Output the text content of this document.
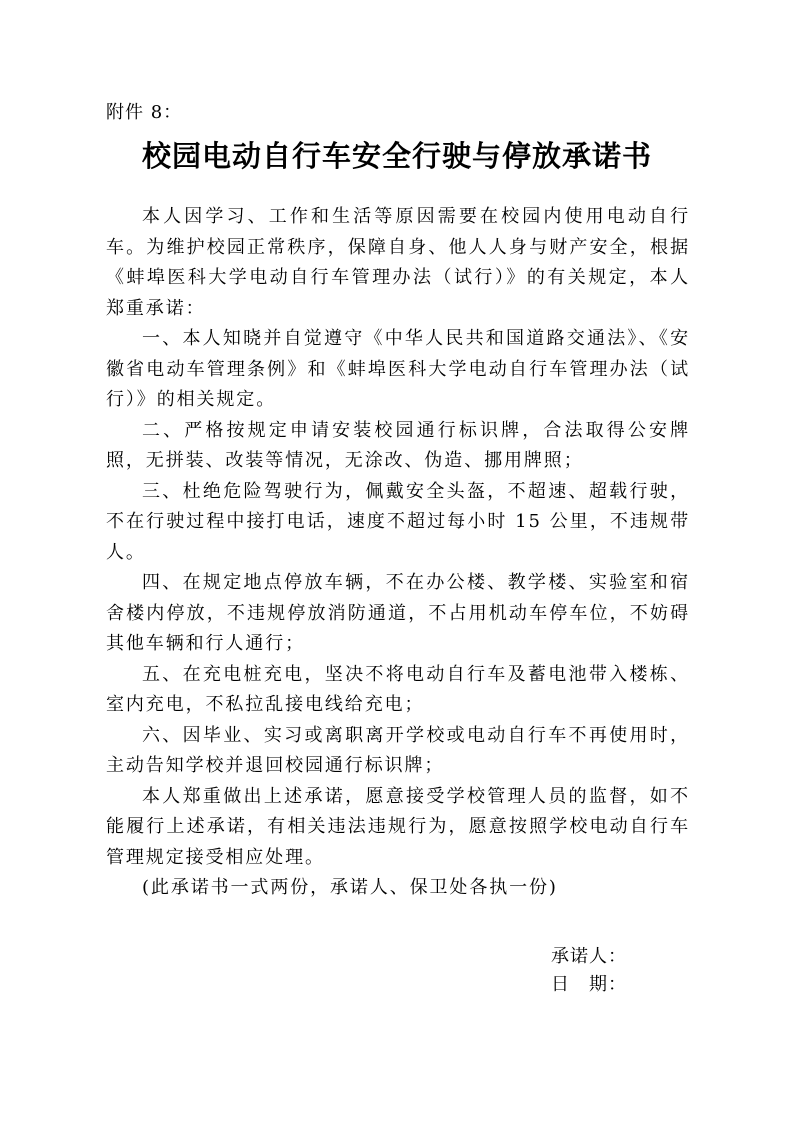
附件 8：
校园电动自行车安全行驶与停放承诺书

本人因学习、工作和生活等原因需要在校园内使用电动自行车。为维护校园正常秩序，保障自身、他人人身与财产安全，根据《蚌埠医科大学电动自行车管理办法（试行）》的有关规定，本人郑重承诺：

一、本人知晓并自觉遵守《中华人民共和国道路交通法》、《安徽省电动车管理条例》和《蚌埠医科大学电动自行车管理办法（试行）》的相关规定。

二、严格按规定申请安装校园通行标识牌，合法取得公安牌照，无拼装、改装等情况，无涂改、伪造、挪用牌照；

三、杜绝危险驾驶行为，佩戴安全头盔，不超速、超载行驶，不在行驶过程中接打电话，速度不超过每小时 15 公里，不违规带人。

四、在规定地点停放车辆，不在办公楼、教学楼、实验室和宿舍楼内停放，不违规停放消防通道，不占用机动车停车位，不妨碍其他车辆和行人通行；

五、在充电桩充电，坚决不将电动自行车及蓄电池带入楼栋、室内充电，不私拉乱接电线给充电；

六、因毕业、实习或离职离开学校或电动自行车不再使用时，主动告知学校并退回校园通行标识牌；

本人郑重做出上述承诺，愿意接受学校管理人员的监督，如不能履行上述承诺，有相关违法违规行为，愿意按照学校电动自行车管理规定接受相应处理。

(此承诺书一式两份，承诺人、保卫处各执一份)

承诺人：
日　期：
